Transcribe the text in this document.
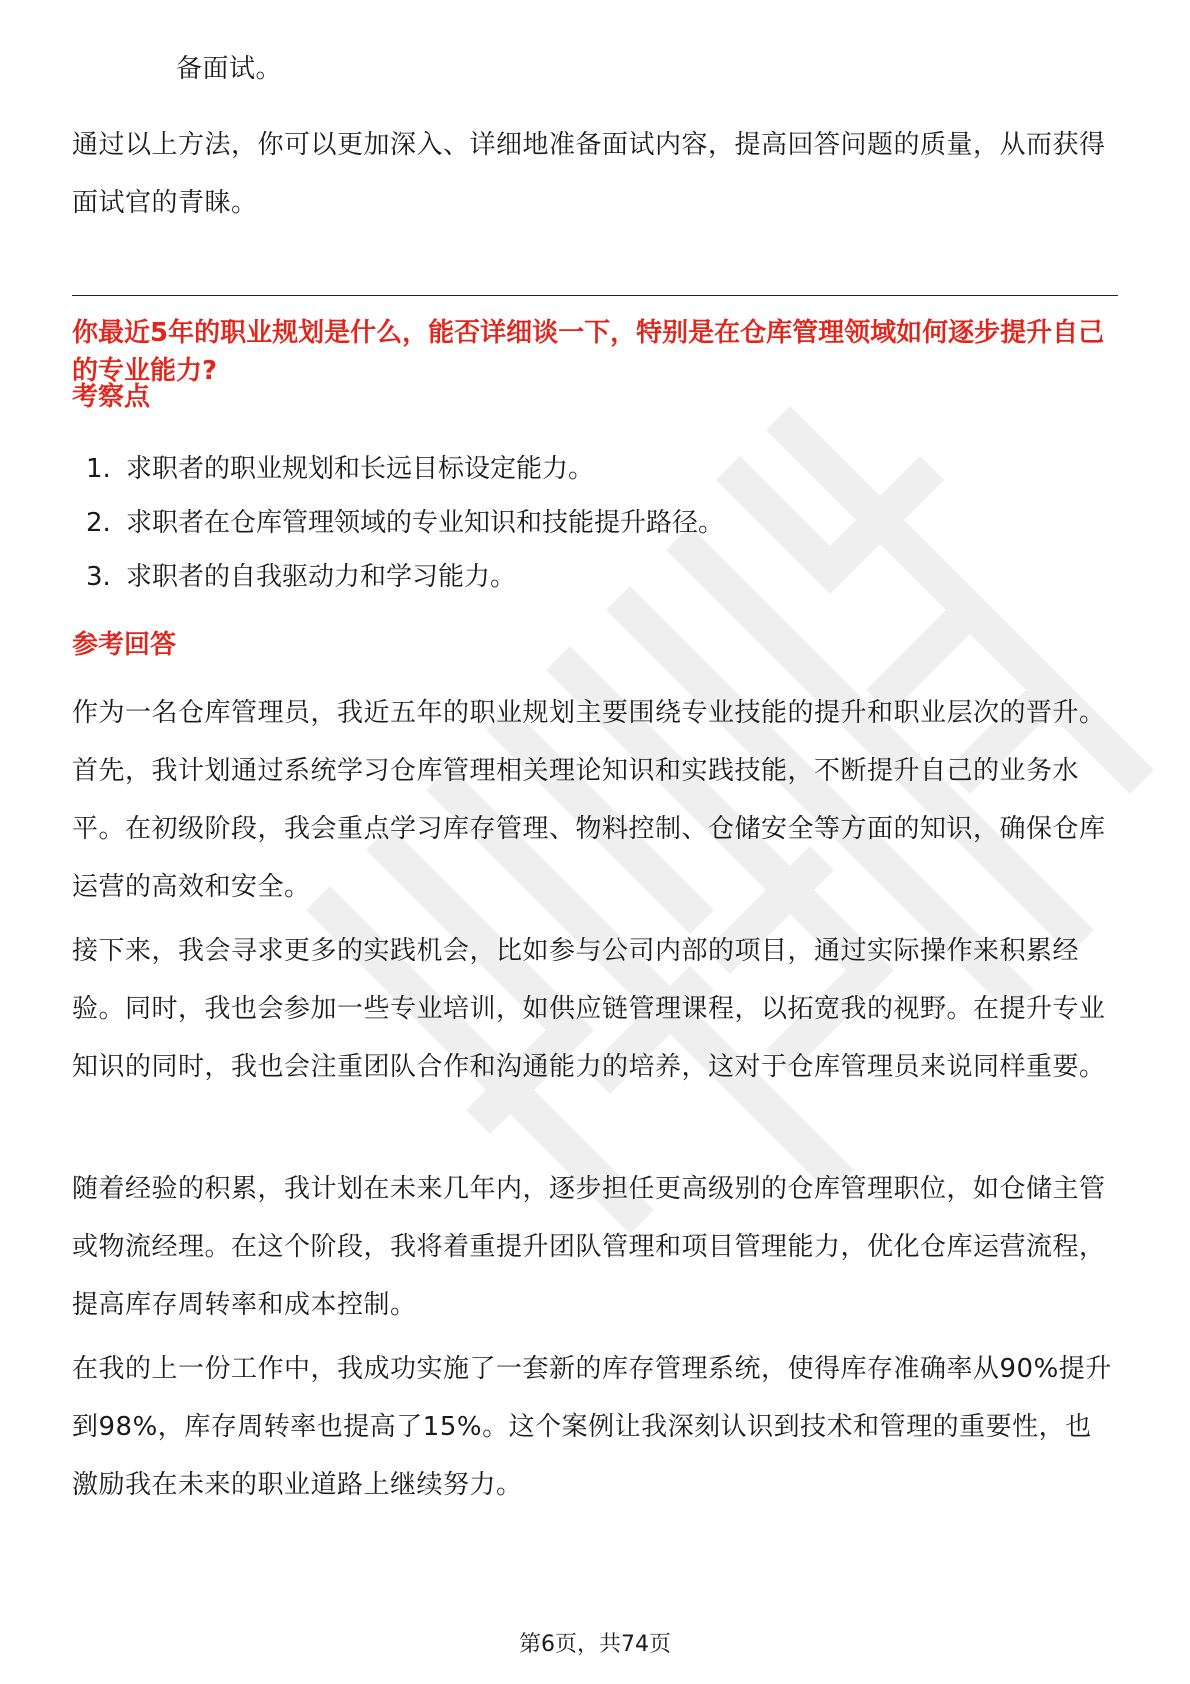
备面试。

通过以上方法，你可以更加深入、详细地准备面试内容，提高回答问题的质量，从而获得面试官的青睐。

你最近5年的职业规划是什么，能否详细谈一下，特别是在仓库管理领域如何逐步提升自己的专业能力?

考察点

1. 求职者的职业规划和长远目标设定能力。

2. 求职者在仓库管理领域的专业知识和技能提升路径。

3. 求职者的自我驱动力和学习能力。

参考回答

作为一名仓库管理员，我近五年的职业规划主要围绕专业技能的提升和职业层次的晋升。首先，我计划通过系统学习仓库管理相关理论知识和实践技能，不断提升自己的业务水平。在初级阶段，我会重点学习库存管理、物料控制、仓储安全等方面的知识，确保仓库运营的高效和安全。

接下来，我会寻求更多的实践机会，比如参与公司内部的项目，通过实际操作来积累经验。同时，我也会参加一些专业培训，如供应链管理课程，以拓宽我的视野。在提升专业知识的同时，我也会注重团队合作和沟通能力的培养，这对于仓库管理员来说同样重要。

随着经验的积累，我计划在未来几年内，逐步担任更高级别的仓库管理职位，如仓储主管或物流经理。在这个阶段，我将着重提升团队管理和项目管理能力，优化仓库运营流程，提高库存周转率和成本控制。

在我的上一份工作中，我成功实施了一套新的库存管理系统，使得库存准确率从90%提升到98%，库存周转率也提高了15%。这个案例让我深刻认识到技术和管理的重要性，也激励我在未来的职业道路上继续努力。

第6页，共74页
